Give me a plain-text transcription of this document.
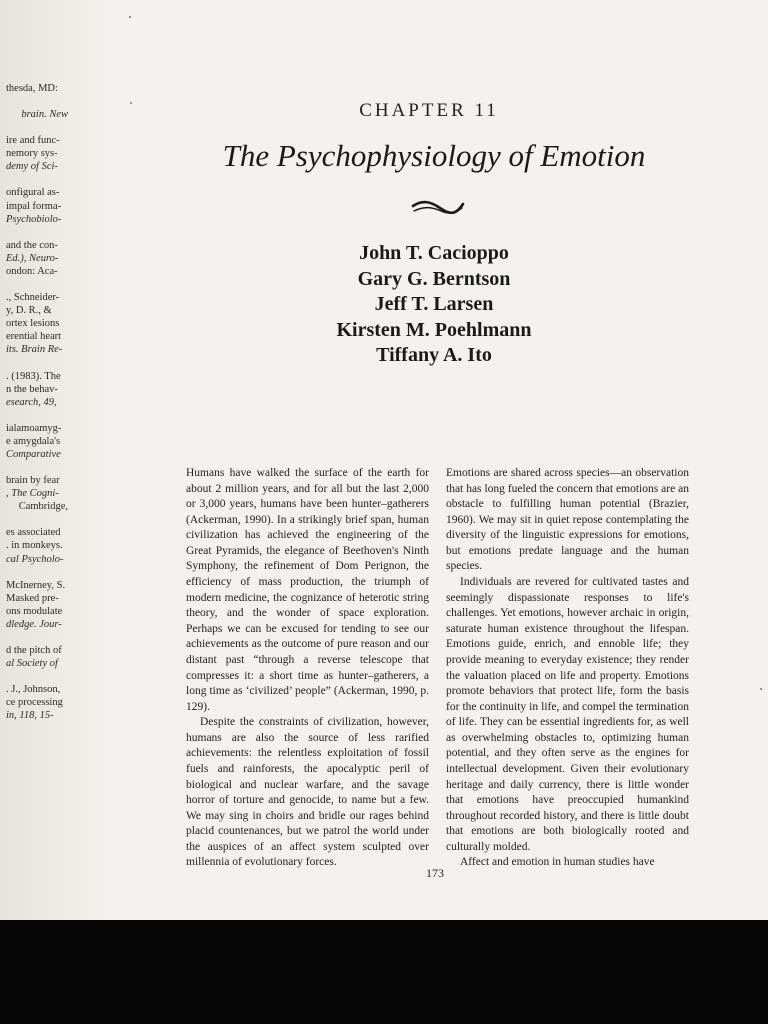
thesda, MD:
brain. New
ire and func-
nemory sys-
demy of Sci-
onfigural as-
impal forma-
Psychobiolo-
and the con-
Ed.), Neuro-
ondon: Aca-
., Schneider-
y, D. R., &
ortex lesions
erential heart
its. Brain Re-
. (1983). The
n the behav-
esearch, 49,
ialamoamyg-
e amygdala's
Comparative
brain by fear
, The Cogni-
Cambridge,
es associated
. in monkeys.
cal Psycholo-
McInerney, S.
Masked pre-
ons modulate
dledge. Jour-
d the pitch of
al Society of
. J., Johnson,
ce processing
in, 118, 15-
CHAPTER 11
The Psychophysiology of Emotion
John T. Cacioppo
Gary G. Berntson
Jeff T. Larsen
Kirsten M. Poehlmann
Tiffany A. Ito

Humans have walked the surface of the earth for about 2 million years, and for all but the last 2,000 or 3,000 years, humans have been hunter–gatherers (Ackerman, 1990). In a strikingly brief span, human civilization has achieved the engineering of the Great Pyramids, the elegance of Beethoven's Ninth Symphony, the refinement of Dom Perignon, the efficiency of mass production, the triumph of modern medicine, the cognizance of heterotic string theory, and the wonder of space exploration. Perhaps we can be excused for tending to see our achievements as the outcome of pure reason and our distant past “through a reverse telescope that compresses it: a short time as hunter–gatherers, a long time as ‘civilized’ people” (Ackerman, 1990, p. 129).

Despite the constraints of civilization, however, humans are also the source of less rarified achievements: the relentless exploitation of fossil fuels and rainforests, the apocalyptic peril of biological and nuclear warfare, and the savage horror of torture and genocide, to name but a few. We may sing in choirs and bridle our rages behind placid countenances, but we patrol the world under the auspices of an affect system sculpted over millennia of evolutionary forces.

Emotions are shared across species—an observation that has long fueled the concern that emotions are an obstacle to fulfilling human potential (Brazier, 1960). We may sit in quiet repose contemplating the diversity of the linguistic expressions for emotions, but emotions predate language and the human species.

Individuals are revered for cultivated tastes and seemingly dispassionate responses to life's challenges. Yet emotions, however archaic in origin, saturate human existence throughout the lifespan. Emotions guide, enrich, and ennoble life; they provide meaning to everyday existence; they render the valuation placed on life and property. Emotions promote behaviors that protect life, form the basis for the continuity in life, and compel the termination of life. They can be essential ingredients for, as well as overwhelming obstacles to, optimizing human potential, and they often serve as the engines for intellectual development. Given their evolutionary heritage and daily currency, there is little wonder that emotions have preoccupied humankind throughout recorded history, and there is little doubt that emotions are both biologically rooted and culturally molded.

Affect and emotion in human studies have

173
